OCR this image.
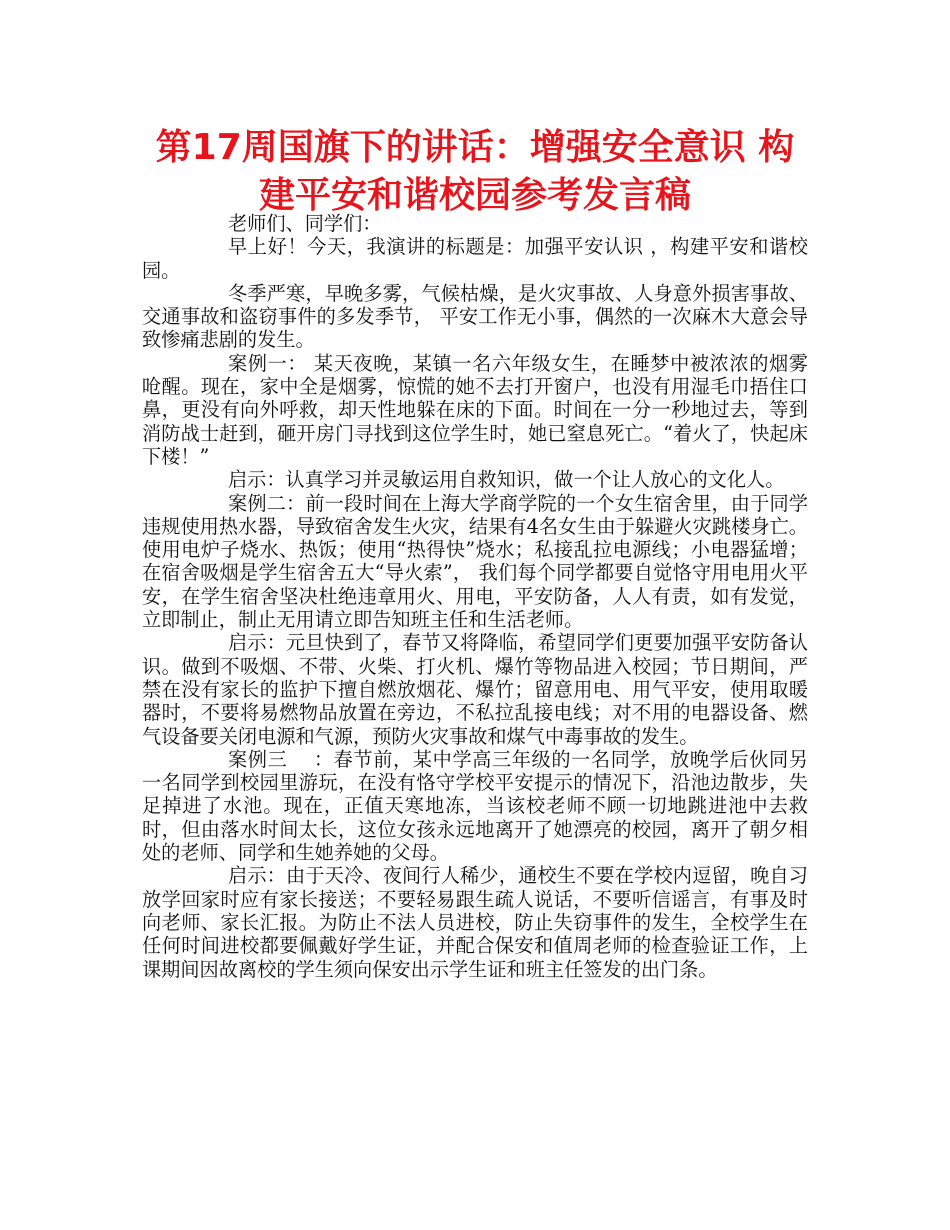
第17周国旗下的讲话：增强安全意识 构
建平安和谐校园参考发言稿

老师们、同学们：

早上好！今天，我演讲的标题是：加强平安认识 ，构建平安和谐校园。

冬季严寒，早晚多雾，气候枯燥，是火灾事故、人身意外损害事故、交通事故和盗窃事件的多发季节， 平安工作无小事，偶然的一次麻木大意会导致惨痛悲剧的发生。

案例一： 某天夜晚，某镇一名六年级女生，在睡梦中被浓浓的烟雾呛醒。现在，家中全是烟雾，惊慌的她不去打开窗户，也没有用湿毛巾捂住口鼻，更没有向外呼救，却天性地躲在床的下面。时间在一分一秒地过去，等到消防战士赶到，砸开房门寻找到这位学生时，她已窒息死亡。“着火了，快起床下楼！”

启示：认真学习并灵敏运用自救知识，做一个让人放心的文化人。

案例二：前一段时间在上海大学商学院的一个女生宿舍里，由于同学违规使用热水器，导致宿舍发生火灾，结果有4名女生由于躲避火灾跳楼身亡。使用电炉子烧水、热饭；使用“热得快”烧水；私接乱拉电源线；小电器猛增；在宿舍吸烟是学生宿舍五大“导火索”， 我们每个同学都要自觉恪守用电用火平安，在学生宿舍坚决杜绝违章用火、用电，平安防备，人人有责，如有发觉，立即制止，制止无用请立即告知班主任和生活老师。

启示：元旦快到了，春节又将降临，希望同学们更要加强平安防备认识。做到不吸烟、不带、火柴、打火机、爆竹等物品进入校园；节日期间，严禁在没有家长的监护下擅自燃放烟花、爆竹；留意用电、用气平安，使用取暖器时，不要将易燃物品放置在旁边，不私拉乱接电线；对不用的电器设备、燃气设备要关闭电源和气源，预防火灾事故和煤气中毒事故的发生。

案例三　 ：春节前，某中学高三年级的一名同学，放晚学后伙同另一名同学到校园里游玩，在没有恪守学校平安提示的情况下，沿池边散步，失足掉进了水池。现在，正值天寒地冻，当该校老师不顾一切地跳进池中去救时，但由落水时间太长，这位女孩永远地离开了她漂亮的校园，离开了朝夕相处的老师、同学和生她养她的父母。

启示：由于天冷、夜间行人稀少，通校生不要在学校内逗留，晚自习放学回家时应有家长接送；不要轻易跟生疏人说话，不要听信谣言，有事及时向老师、家长汇报。为防止不法人员进校，防止失窃事件的发生，全校学生在任何时间进校都要佩戴好学生证，并配合保安和值周老师的检查验证工作，上课期间因故离校的学生须向保安出示学生证和班主任签发的出门条。
